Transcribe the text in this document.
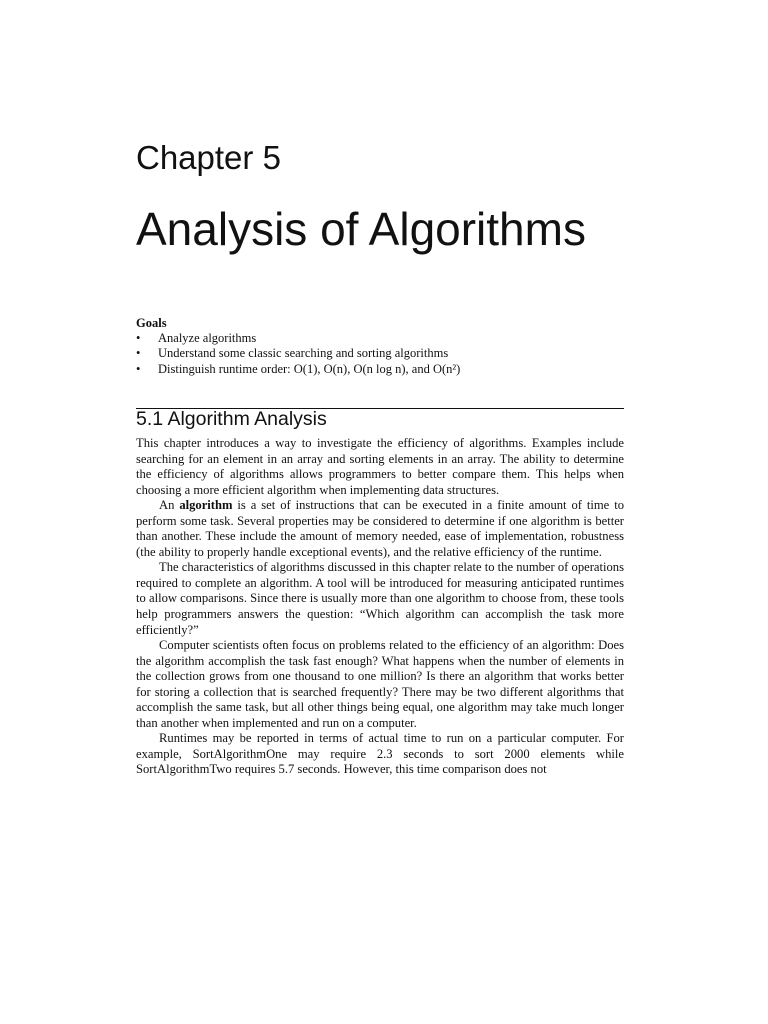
Chapter 5
Analysis of Algorithms
Goals
• Analyze algorithms
• Understand some classic searching and sorting algorithms
• Distinguish runtime order: O(1), O(n), O(n log n), and O(n²)
5.1 Algorithm Analysis

This chapter introduces a way to investigate the efficiency of algorithms. Examples include searching for an element in an array and sorting elements in an array. The ability to determine the efficiency of algorithms allows programmers to better compare them. This helps when choosing a more efficient algorithm when implementing data structures.

An algorithm is a set of instructions that can be executed in a finite amount of time to perform some task. Several properties may be considered to determine if one algorithm is better than another. These include the amount of memory needed, ease of implementation, robustness (the ability to properly handle exceptional events), and the relative efficiency of the runtime.

The characteristics of algorithms discussed in this chapter relate to the number of operations required to complete an algorithm. A tool will be introduced for measuring anticipated runtimes to allow comparisons. Since there is usually more than one algorithm to choose from, these tools help programmers answers the question: “Which algorithm can accomplish the task more efficiently?”

Computer scientists often focus on problems related to the efficiency of an algorithm: Does the algorithm accomplish the task fast enough? What happens when the number of elements in the collection grows from one thousand to one million? Is there an algorithm that works better for storing a collection that is searched frequently? There may be two different algorithms that accomplish the same task, but all other things being equal, one algorithm may take much longer than another when implemented and run on a computer.

Runtimes may be reported in terms of actual time to run on a particular computer. For example, SortAlgorithmOne may require 2.3 seconds to sort 2000 elements while SortAlgorithmTwo requires 5.7 seconds. However, this time comparison does not
